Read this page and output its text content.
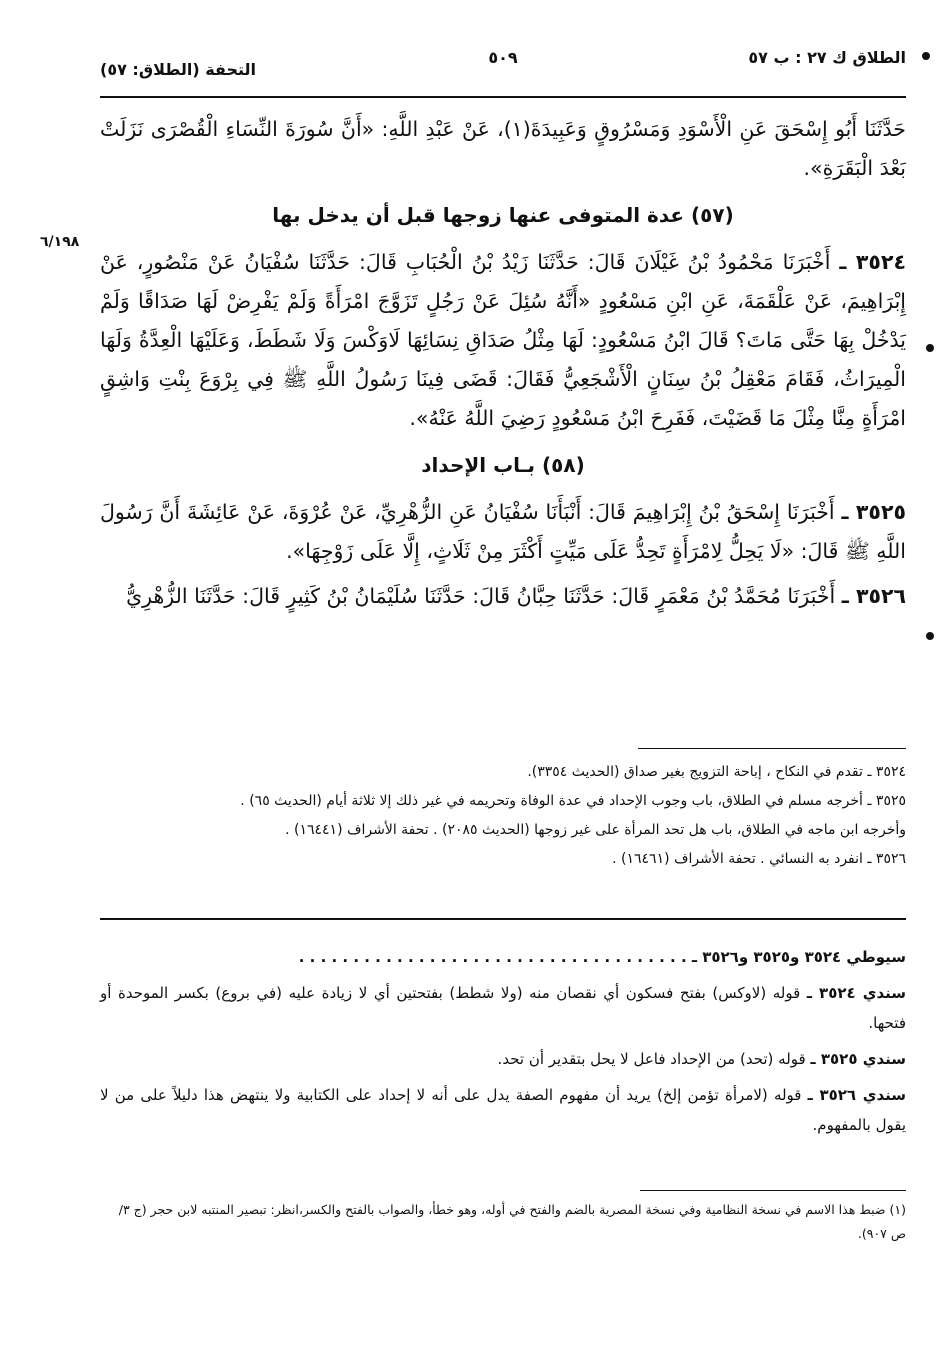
الطلاق ك ٢٧ : ب ٥٧
٥٠٩
التحفة (الطلاق: ٥٧)
٦/١٩٨

حَدَّثَنَا أَبُو إِسْحَقَ عَنِ الْأَسْوَدِ وَمَسْرُوقٍ وَعَبِيدَةَ(١)، عَنْ عَبْدِ اللَّهِ: «أَنَّ سُورَةَ النِّسَاءِ الْقُصْرَى نَزَلَتْ بَعْدَ الْبَقَرَةِ».

(٥٧) عدة المتوفى عنها زوجها قبل أن يدخل بها

٣٥٢٤ ـ أَخْبَرَنَا مَحْمُودُ بْنُ غَيْلَانَ قَالَ: حَدَّثَنَا زَيْدُ بْنُ الْحُبَابِ قَالَ: حَدَّثَنَا سُفْيَانُ عَنْ مَنْصُورٍ، عَنْ إِبْرَاهِيمَ، عَنْ عَلْقَمَةَ، عَنِ ابْنِ مَسْعُودٍ «أَنَّهُ سُئِلَ عَنْ رَجُلٍ تَزَوَّجَ امْرَأَةً وَلَمْ يَفْرِضْ لَهَا صَدَاقًا وَلَمْ يَدْخُلْ بِهَا حَتَّى مَاتَ؟ قَالَ ابْنُ مَسْعُودٍ: لَهَا مِثْلُ صَدَاقِ نِسَائِهَا لَاوَكْسَ وَلَا شَطَطَ، وَعَلَيْهَا الْعِدَّةُ وَلَهَا الْمِيرَاثُ، فَقَامَ مَعْقِلُ بْنُ سِنَانٍ الْأَشْجَعِيُّ فَقَالَ: قَضَى فِينَا رَسُولُ اللَّهِ ﷺ فِي بِرْوَعَ بِنْتِ وَاشِقٍ امْرَأَةٍ مِنَّا مِثْلَ مَا قَضَيْتَ، فَفَرِحَ ابْنُ مَسْعُودٍ رَضِيَ اللَّهُ عَنْهُ».

(٥٨) بـاب الإحداد

٣٥٢٥ ـ أَخْبَرَنَا إِسْحَقُ بْنُ إِبْرَاهِيمَ قَالَ: أَنْبَأَنَا سُفْيَانُ عَنِ الزُّهْرِيِّ، عَنْ عُرْوَةَ، عَنْ عَائِشَةَ أَنَّ رَسُولَ اللَّهِ ﷺ قَالَ: «لَا يَحِلُّ لِامْرَأَةٍ تَحِدُّ عَلَى مَيِّتٍ أَكْثَرَ مِنْ ثَلَاثٍ، إِلَّا عَلَى زَوْجِهَا».

٣٥٢٦ ـ أَخْبَرَنَا مُحَمَّدُ بْنُ مَعْمَرٍ قَالَ: حَدَّثَنَا حِبَّانُ قَالَ: حَدَّثَنَا سُلَيْمَانُ بْنُ كَثِيرٍ قَالَ: حَدَّثَنَا الزُّهْرِيُّ

٣٥٢٤ ـ تقدم في النكاح ، إباحة التزويج بغير صداق (الحديث ٣٣٥٤).

٣٥٢٥ ـ أخرجه مسلم في الطلاق، باب وجوب الإحداد في عدة الوفاة وتحريمه في غير ذلك إلا ثلاثة أيام (الحديث ٦٥) .

وأخرجه ابن ماجه في الطلاق، باب هل تحد المرأة على غير زوجها (الحديث ٢٠٨٥) . تحفة الأشراف (١٦٤٤١) .

٣٥٢٦ ـ انفرد به النسائي . تحفة الأشراف (١٦٤٦١) .

سيوطي ٣٥٢٤ و٣٥٢٥ و٣٥٢٦ ـ . . . . . . . . . . . . . . . . . . . . . . . . . . . . . . . . . . . .

سندي ٣٥٢٤ ـ قوله (لاوكس) بفتح فسكون أي نقصان منه (ولا شطط) بفتحتين أي لا زيادة عليه (في بروع) بكسر الموحدة أو فتحها.

سندي ٣٥٢٥ ـ قوله (تحد) من الإحداد فاعل لا يحل بتقدير أن تحد.

سندي ٣٥٢٦ ـ قوله (لامرأة تؤمن إلخ) يريد أن مفهوم الصفة يدل على أنه لا إحداد على الكتابية ولا ينتهض هذا دليلاً على من لا يقول بالمفهوم.

(١) ضبط هذا الاسم في نسخة النظامية وفي نسخة المصرية بالضم والفتح في أوله، وهو خطأ، والصواب بالفتح والكسر،انظر: تبصير المنتبه لابن حجر (ج ٣/ ص ٩٠٧).
